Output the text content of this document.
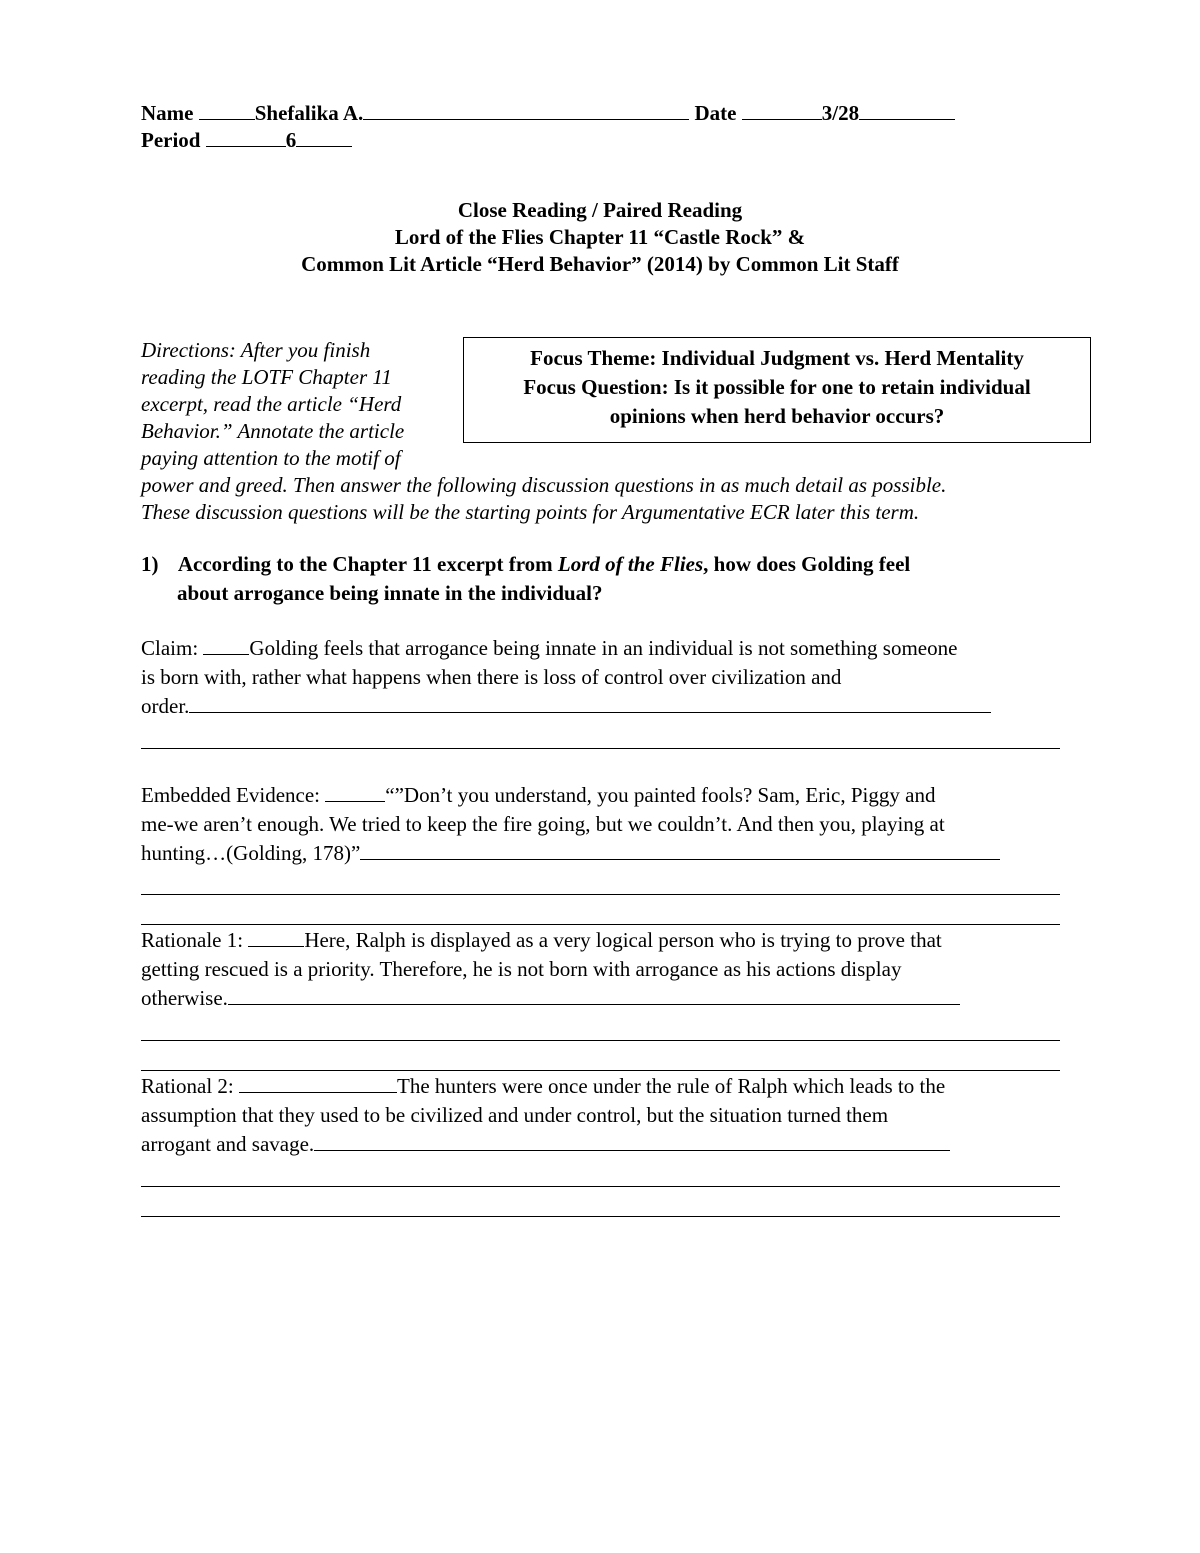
Name	Shefalika A.	Date	3/28
Period	6
Close Reading / Paired Reading
Lord of the Flies Chapter 11 “Castle Rock” &
Common Lit Article “Herd Behavior” (2014) by Common Lit Staff
Directions: After you finish
reading the LOTF Chapter 11
excerpt, read the article “Herd
Behavior.” Annotate the article
paying attention to the motif of
power and greed. Then answer the following discussion questions in as much detail as possible.
These discussion questions will be the starting points for Argumentative ECR later this term.
Focus Theme: Individual Judgment vs. Herd Mentality
Focus Question: Is it possible for one to retain individual
opinions when herd behavior occurs?
1) According to the Chapter 11 excerpt from Lord of the Flies, how does Golding feel
about arrogance being innate in the individual?
Claim: Golding feels that arrogance being innate in an individual is not something someone
is born with, rather what happens when there is loss of control over civilization and
order.
Embedded Evidence:	“”Don’t you understand, you painted fools? Sam, Eric, Piggy and
me-we aren’t enough. We tried to keep the fire going, but we couldn’t. And then you, playing at
hunting…(Golding, 178)”
Rationale 1:	Here, Ralph is displayed as a very logical person who is trying to prove that
getting rescued is a priority. Therefore, he is not born with arrogance as his actions display
otherwise.
Rational 2:	The hunters were once under the rule of Ralph which leads to the
assumption that they used to be civilized and under control, but the situation turned them
arrogant and savage.
